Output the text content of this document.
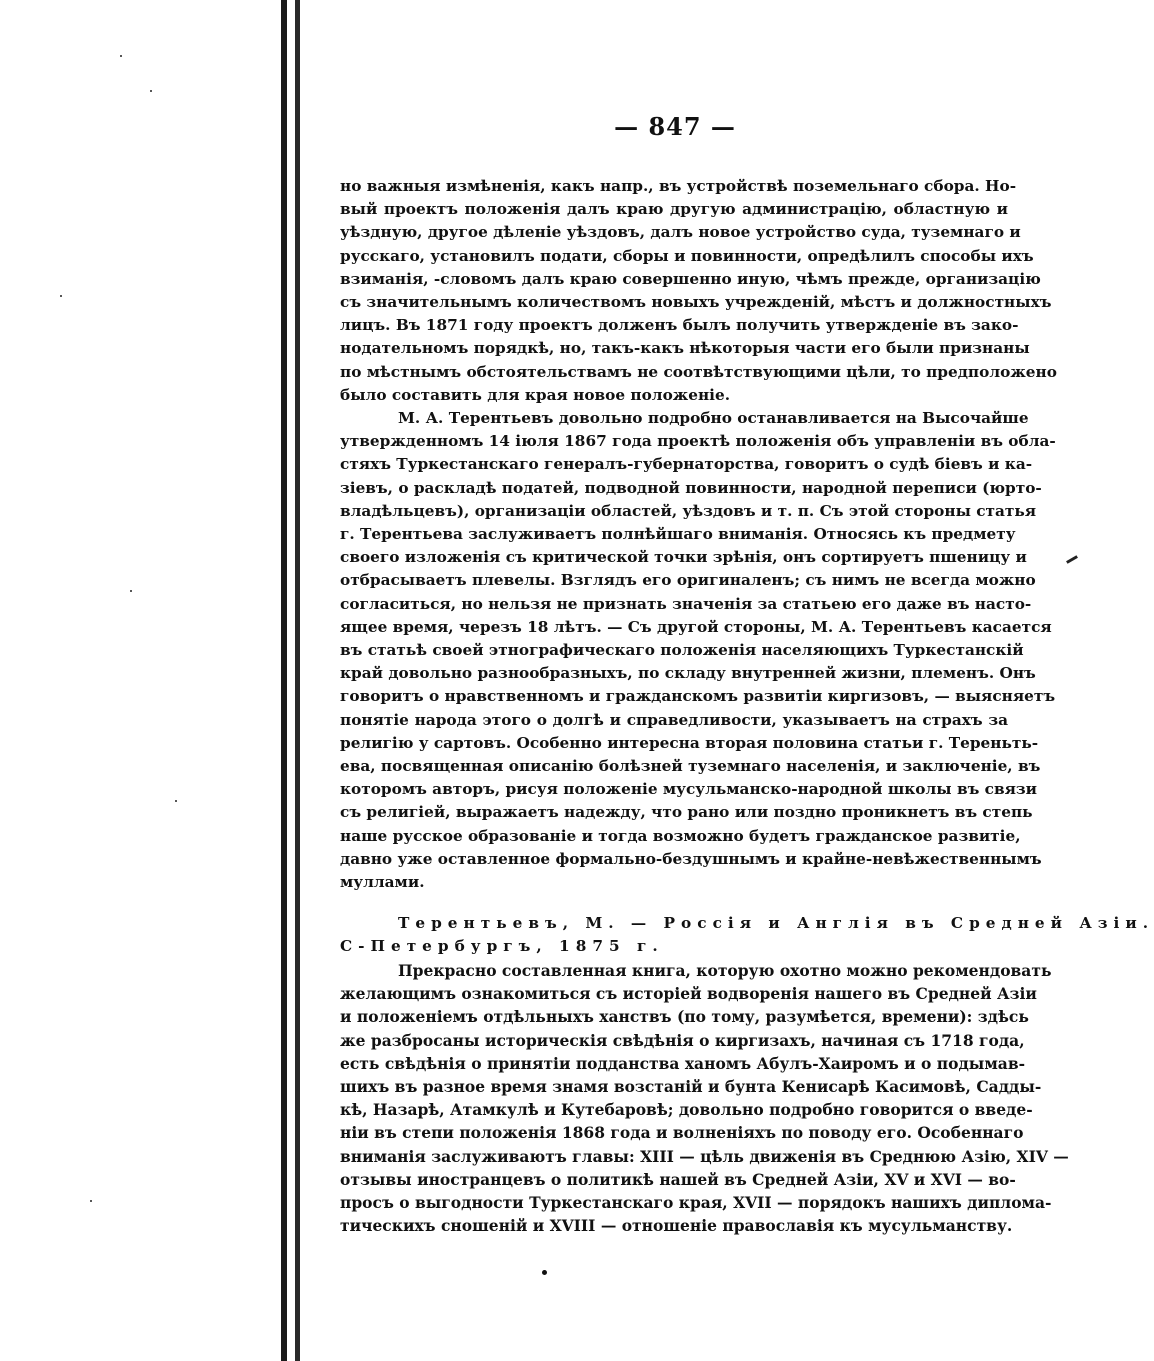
— 847 —
но важныя измѣненія, какъ напр., въ устройствѣ поземельнаго сбора. Но-
вый проектъ положенія далъ краю другую администрацію, областную и
уѣздную, другое дѣленіе уѣздовъ, далъ новое устройство суда, туземнаго и
русскаго, установилъ подати, сборы и повинности, опредѣлилъ способы ихъ
взиманія, -словомъ далъ краю совершенно иную, чѣмъ прежде, организацію
съ значительнымъ количествомъ новыхъ учрежденій, мѣстъ и должностныхъ
лицъ. Въ 1871 году проектъ долженъ былъ получить утвержденіе въ зако-
нодательномъ порядкѣ, но, такъ-какъ нѣкоторыя части его были признаны
по мѣстнымъ обстоятельствамъ не соотвѣтствующими цѣли, то предположено
было составить для края новое положеніе.
М. А. Терентьевъ довольно подробно останавливается на Высочайше
утвержденномъ 14 іюля 1867 года проектѣ положенія объ управленіи въ обла-
стяхъ Туркестанскаго генералъ-губернаторства, говоритъ о судѣ біевъ и ка-
зіевъ, о раскладѣ податей, подводной повинности, народной переписи (юрто-
владѣльцевъ), организаціи областей, уѣздовъ и т. п. Съ этой стороны статья
г. Терентьева заслуживаетъ полнѣйшаго вниманія. Относясь къ предмету
своего изложенія съ критической точки зрѣнія, онъ сортируетъ пшеницу и
отбрасываетъ плевелы. Взглядъ его оригиналенъ; съ нимъ не всегда можно
согласиться, но нельзя не признать значенія за статьею его даже въ насто-
ящее время, черезъ 18 лѣтъ. — Съ другой стороны, М. А. Терентьевъ касается
въ статьѣ своей этнографическаго положенія населяющихъ Туркестанскій
край довольно разнообразныхъ, по складу внутренней жизни, племенъ. Онъ
говоритъ о нравственномъ и гражданскомъ развитіи киргизовъ, — выясняетъ
понятіе народа этого о долгѣ и справедливости, указываетъ на страхъ за
религію у сартовъ. Особенно интересна вторая половина статьи г. Тереньть-
ева, посвященная описанію болѣзней туземнаго населенія, и заключеніе, въ
которомъ авторъ, рисуя положеніе мусульманско-народной школы въ связи
съ религіей, выражаетъ надежду, что рано или поздно проникнетъ въ степь
наше русское образованіе и тогда возможно будетъ гражданское развитіе,
давно уже оставленное формально-бездушнымъ и крайне-невѣжественнымъ
муллами.
Терентьевъ, М. — Россія и Англія въ Средней Азіи.
С-Петербургъ, 1875 г.
Прекрасно составленная книга, которую охотно можно рекомендовать
желающимъ ознакомиться съ исторіей водворенія нашего въ Средней Азіи
и положеніемъ отдѣльныхъ ханствъ (по тому, разумѣется, времени): здѣсь
же разбросаны историческія свѣдѣнія о киргизахъ, начиная съ 1718 года,
есть свѣдѣнія о принятіи подданства ханомъ Абулъ-Хаиромъ и о подымав-
шихъ въ разное время знамя возстаній и бунта Кенисарѣ Касимовѣ, Садды-
кѣ, Назарѣ, Атамкулѣ и Кутебаровѣ; довольно подробно говорится о введе-
ніи въ степи положенія 1868 года и волненіяхъ по поводу его. Особеннаго
вниманія заслуживаютъ главы: XIII — цѣль движенія въ Среднюю Азію, XIV —
отзывы иностранцевъ о политикѣ нашей въ Средней Азіи, XV и XVI — во-
просъ о выгодности Туркестанскаго края, XVII — порядокъ нашихъ диплома-
тическихъ сношеній и XVIII — отношеніе православія къ мусульманству.
